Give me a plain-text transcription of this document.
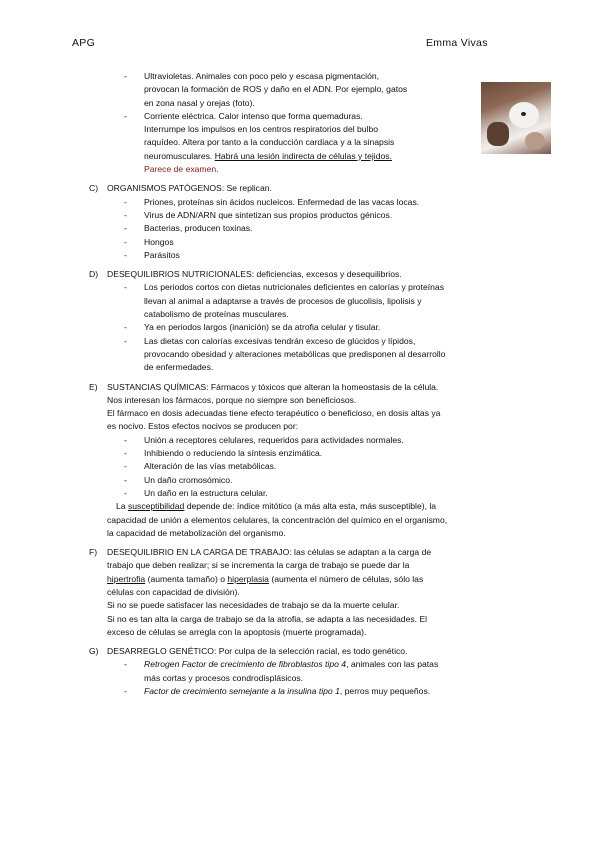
APG	Emma Vivas
- Ultravioletas. Animales con poco pelo y escasa pigmentación,
provocan la formación de ROS y daño en el ADN. Por ejemplo, gatos
en zona nasal y orejas (foto).
- Corriente eléctrica. Calor intenso que forma quemaduras.
Interrumpe los impulsos en los centros respiratorios del bulbo
raquídeo. Altera por tanto a la conducción cardiaca y a la sinapsis
neuromusculares. Habrá una lesión indirecta de células y tejidos.
Parece de examen.
C) ORGANISMOS PATÓGENOS: Se replican.
- Priones, proteínas sin ácidos nucleicos. Enfermedad de las vacas locas.
- Virus de ADN/ARN que sintetizan sus propios productos génicos.
- Bacterias, producen toxinas.
- Hongos
- Parásitos
D) DESEQUILIBRIOS NUTRICIONALES: deficiencias, excesos y desequilibrios.
- Los periodos cortos con dietas nutricionales deficientes en calorías y proteínas
llevan al animal a adaptarse a través de procesos de glucolisis, lipolisis y
catabolismo de proteínas musculares.
- Ya en periodos largos (inanición) se da atrofia celular y tisular.
- Las dietas con calorías excesivas tendrán exceso de glúcidos y lípidos,
provocando obesidad y alteraciones metabólicas que predisponen al desarrollo
de enfermedades.
E) SUSTANCIAS QUÍMICAS: Fármacos y tóxicos que alteran la homeostasis de la célula.
Nos interesan los fármacos, porque no siempre son beneficiosos.
El fármaco en dosis adecuadas tiene efecto terapéutico o beneficioso, en dosis altas ya
es nocivo. Estos efectos nocivos se producen por:
- Unión a receptores celulares, requeridos para actividades normales.
- Inhibiendo o reduciendo la síntesis enzimática.
- Alteración de las vías metabólicas.
- Un daño cromosómico.
- Un daño en la estructura celular.
La susceptibilidad depende de: índice mitótico (a más alta esta, más susceptible), la
capacidad de unión a elementos celulares, la concentración del químico en el organismo,
la capacidad de metabolización del organismo.
F) DESEQUILIBRIO EN LA CARGA DE TRABAJO: las células se adaptan a la carga de
trabajo que deben realizar; si se incrementa la carga de trabajo se puede dar la
hipertrofia (aumenta tamaño) o hiperplasia (aumenta el número de células, sólo las
células con capacidad de división).
Si no se puede satisfacer las necesidades de trabajo se da la muerte celular.
Si no es tan alta la carga de trabajo se da la atrofia, se adapta a las necesidades. El
exceso de células se arregla con la apoptosis (muerte programada).
G) DESARREGLO GENÉTICO: Por culpa de la selección racial, es todo genético.
- Retrogen Factor de crecimiento de fibroblastos tipo 4, animales con las patas
más cortas y procesos condrodisplásicos.
- Factor de crecimiento semejante a la insulina tipo 1, perros muy pequeños.
